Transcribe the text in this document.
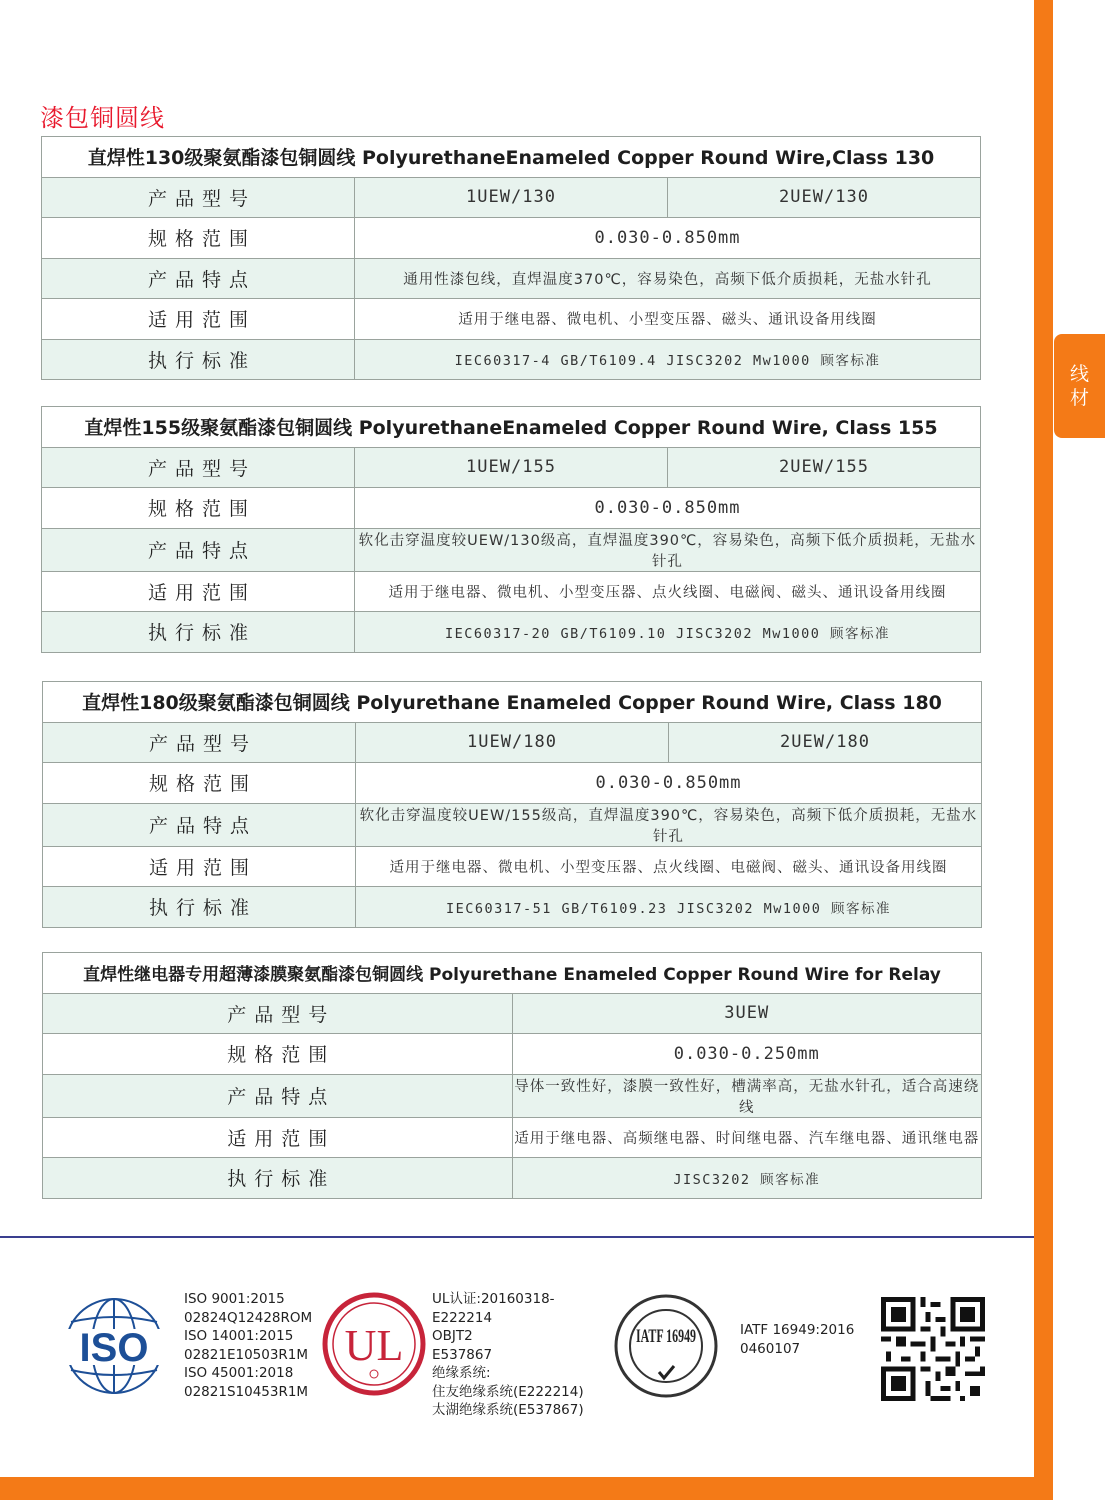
线
材
漆包铜圆线
直焊性130级聚氨酯漆包铜圆线 PolyurethaneEnameled Copper Round Wire,Class 130		
产品型号	1UEW/130	2UEW/130
规格范围	0.030-0.850mm	
产品特点	通用性漆包线，直焊温度370℃，容易染色，高频下低介质损耗，无盐水针孔	
适用范围	适用于继电器、微电机、小型变压器、磁头、通讯设备用线圈	
执行标准	IEC60317-4 GB/T6109.4 JISC3202 Mw1000 顾客标准	
直焊性155级聚氨酯漆包铜圆线 PolyurethaneEnameled Copper Round Wire, Class 155		
产品型号	1UEW/155	2UEW/155
规格范围	0.030-0.850mm	
产品特点	软化击穿温度较UEW/130级高，直焊温度390℃，容易染色，高频下低介质损耗，无盐水针孔	
适用范围	适用于继电器、微电机、小型变压器、点火线圈、电磁阀、磁头、通讯设备用线圈	
执行标准	IEC60317-20 GB/T6109.10 JISC3202 Mw1000 顾客标准	
直焊性180级聚氨酯漆包铜圆线 Polyurethane Enameled Copper Round Wire, Class 180		
产品型号	1UEW/180	2UEW/180
规格范围	0.030-0.850mm	
产品特点	软化击穿温度较UEW/155级高，直焊温度390℃，容易染色，高频下低介质损耗，无盐水针孔	
适用范围	适用于继电器、微电机、小型变压器、点火线圈、电磁阀、磁头、通讯设备用线圈	
执行标准	IEC60317-51 GB/T6109.23 JISC3202 Mw1000 顾客标准	
直焊性继电器专用超薄漆膜聚氨酯漆包铜圆线 Polyurethane Enameled Copper Round Wire for Relay	
产品型号	3UEW
规格范围	0.030-0.250mm
产品特点	导体一致性好，漆膜一致性好，槽满率高，无盐水针孔，适合高速绕线
适用范围	适用于继电器、高频继电器、时间继电器、汽车继电器、通讯继电器
执行标准	JISC3202 顾客标准
ISO
ISO 9001:2015
02824Q12428ROM
ISO 14001:2015
02821E10503R1M
ISO 45001:2018
02821S10453R1M
UL
UL认证:20160318-
E222214
OBJT2
E537867
绝缘系统:
住友绝缘系统(E222214)
太湖绝缘系统(E537867)
IATF 16949	IATF 16949:2016
0460107
